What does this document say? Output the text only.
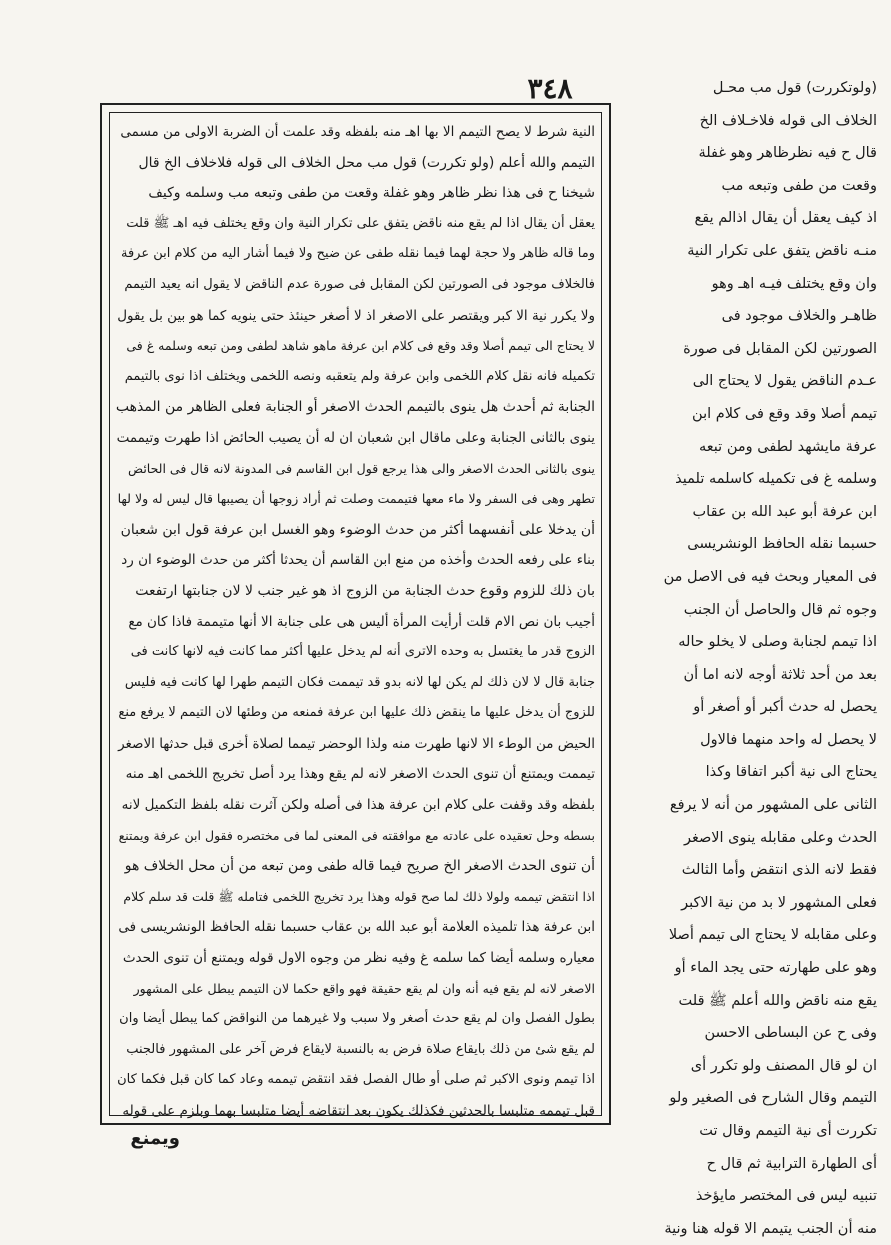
٣٤٨
النية شرط لا يصح التيمم الا بها اهـ منه بلفظه وقد علمت أن الضربة الاولى من مسمى
التيمم والله أعلم (ولو تكررت) قول مب محل الخلاف الى قوله فلاخلاف الخ قال
شيخنا ح فى هذا نظر ظاهر وهو غفلة وقعت من طفى وتبعه مب وسلمه وكيف
يعقل أن يقال اذا لم يقع منه ناقض يتفق على تكرار النية وان وقع يختلف فيه اهـ ﷺ قلت
وما قاله ظاهر ولا حجة لهما فيما نقله طفى عن ضيح ولا فيما أشار اليه من كلام ابن عرفة
فالخلاف موجود فى الصورتين لكن المقابل فى صورة عدم الناقض لا يقول انه يعيد التيمم
ولا يكرر نية الا كبر ويقتصر على الاصغر اذ لا أصغر حينئذ حتى ينويه كما هو بين بل يقول
لا يحتاج الى تيمم أصلا وقد وقع فى كلام ابن عرفة ماهو شاهد لطفى ومن تبعه وسلمه غ فى
تكميله فانه نقل كلام اللخمى وابن عرفة ولم يتعقبه ونصه اللخمى ويختلف اذا نوى بالتيمم
الجنابة ثم أحدث هل ينوى بالتيمم الحدث الاصغر أو الجنابة فعلى الظاهر من المذهب
ينوى بالثانى الجنابة وعلى ماقال ابن شعبان ان له أن يصيب الحائض اذا طهرت وتيممت
ينوى بالثانى الحدث الاصغر والى هذا يرجع قول ابن القاسم فى المدونة لانه قال فى الحائض
تطهر وهى فى السفر ولا ماء معها فتيممت وصلت ثم أراد زوجها أن يصيبها قال ليس له ولا لها
أن يدخلا على أنفسهما أكثر من حدث الوضوء وهو الغسل ابن عرفة قول ابن شعبان
بناء على رفعه الحدث وأخذه من منع ابن القاسم أن يحدثا أكثر من حدث الوضوء ان رد
بان ذلك للزوم وقوع حدث الجنابة من الزوج اذ هو غير جنب لا لان جنابتها ارتفعت
أجيب بان نص الام قلت أرأيت المرأة أليس هى على جنابة الا أنها متيممة فاذا كان مع
الزوج قدر ما يغتسل به وحده الاترى أنه لم يدخل عليها أكثر مما كانت فيه لانها كانت فى
جنابة قال لا لان ذلك لم يكن لها لانه بدو قد تيممت فكان التيمم طهرا لها كانت فيه فليس
للزوج أن يدخل عليها ما ينقض ذلك عليها ابن عرفة فمنعه من وطئها لان التيمم لا يرفع منع
الحيض من الوطء الا لانها طهرت منه ولذا الوحضر تيمما لصلاة أخرى قبل حدثها الاصغر
تيممت ويمتنع أن تنوى الحدث الاصغر لانه لم يقع وهذا يرد أصل تخريج اللخمى اهـ منه
بلفظه وقد وقفت على كلام ابن عرفة هذا فى أصله ولكن آثرت نقله بلفظ التكميل لانه
بسطه وحل تعقيده على عادته مع موافقته فى المعنى لما فى مختصره فقول ابن عرفة ويمتنع
أن تنوى الحدث الاصغر الخ صريح فيما قاله طفى ومن تبعه من أن محل الخلاف هو
اذا انتقض تيممه ولولا ذلك لما صح قوله وهذا يرد تخريج اللخمى فتامله ﷺ قلت قد سلم كلام
ابن عرفة هذا تلميذه العلامة أبو عبد الله بن عقاب حسبما نقله الحافظ الونشريسى فى
معياره وسلمه أيضا كما سلمه غ وفيه نظر من وجوه الاول قوله ويمتنع أن تنوى الحدث
الاصغر لانه لم يقع فيه أنه وان لم يقع حقيقة فهو واقع حكما لان التيمم يبطل على المشهور
بطول الفصل وان لم يقع حدث أصغر ولا سبب ولا غيرهما من النواقض كما يبطل أيضا وان
لم يقع شئ من ذلك بايقاع صلاة فرض به بالنسبة لايقاع فرض آخر على المشهور فالجنب
اذا تيمم ونوى الاكبر ثم صلى أو طال الفصل فقد انتقض تيممه وعاد كما كان قبل فكما كان
قبل تيممه متلبسا بالحدثين فكذلك يكون بعد انتقاضه أيضا متلبسا بهما وبلزم على قوله
(ولوتكررت) قول مب محـل
الخلاف الى قوله فلاخـلاف الخ
قال ح فيه نظرظاهر وهو غفلة
وقعت من طفى وتبعه مب
اذ كيف يعقل أن يقال اذالم يقع
منـه ناقض يتفق على تكرار النية
وان وقع يختلف فيـه اهـ وهو
ظاهـر والخلاف موجود فى
الصورتين لكن المقابل فى صورة
عـدم الناقض يقول لا يحتاج الى
تيمم أصلا وقد وقع فى كلام ابن
عرفة مايشهد لطفى ومن تبعه
وسلمه غ فى تكميله كاسلمه تلميذ
ابن عرفة أبو عبد الله بن عقاب
حسبما نقله الحافظ الونشريسى
فى المعيار وبحث فيه فى الاصل من
وجوه ثم قال والحاصل أن الجنب
اذا تيمم لجنابة وصلى لا يخلو حاله
بعد من أحد ثلاثة أوجه لانه اما أن
يحصل له حدث أكبر أو أصغر أو
لا يحصل له واحد منهما فالاول
يحتاج الى نية أكبر اتفاقا وكذا
الثانى على المشهور من أنه لا يرفع
الحدث وعلى مقابله ينوى الاصغر
فقط لانه الذى انتقض وأما الثالث
فعلى المشهور لا بد من نية الاكبر
وعلى مقابله لا يحتاج الى تيمم أصلا
وهو على طهارته حتى يجد الماء أو
يقع منه ناقض والله أعلم ﷺ قلت
وفى ح عن البساطى الاحسن
ان لو قال المصنف ولو تكرر أى
التيمم وقال الشارح فى الصغير ولو
تكررت أى نية التيمم وقال تت
أى الطهارة الترابية ثم قال ح
تنبيه ليس فى المختصر مايؤخذ
منه أن الجنب يتيمم الا قوله هنا ونية
ويمنع
